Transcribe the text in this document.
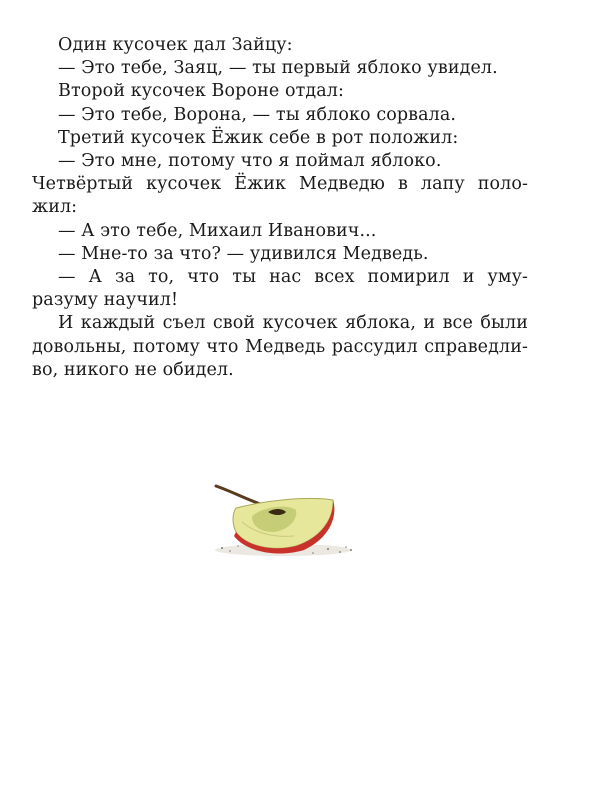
Один кусочек дал Зайцу:
— Это тебе, Заяц, — ты первый яблоко увидел.
Второй кусочек Вороне отдал:
— Это тебе, Ворона, — ты яблоко сорвала.
Третий кусочек Ёжик себе в рот положил:
— Это мне, потому что я поймал яблоко.
Четвёртый кусочек Ёжик Медведю в лапу поло-
жил:
— А это тебе, Михаил Иванович...
— Мне-то за что? — удивился Медведь.
— А за то, что ты нас всех помирил и уму-
разуму научил!
И каждый съел свой кусочек яблока, и все были
довольны, потому что Медведь рассудил справедли-
во, никого не обидел.
